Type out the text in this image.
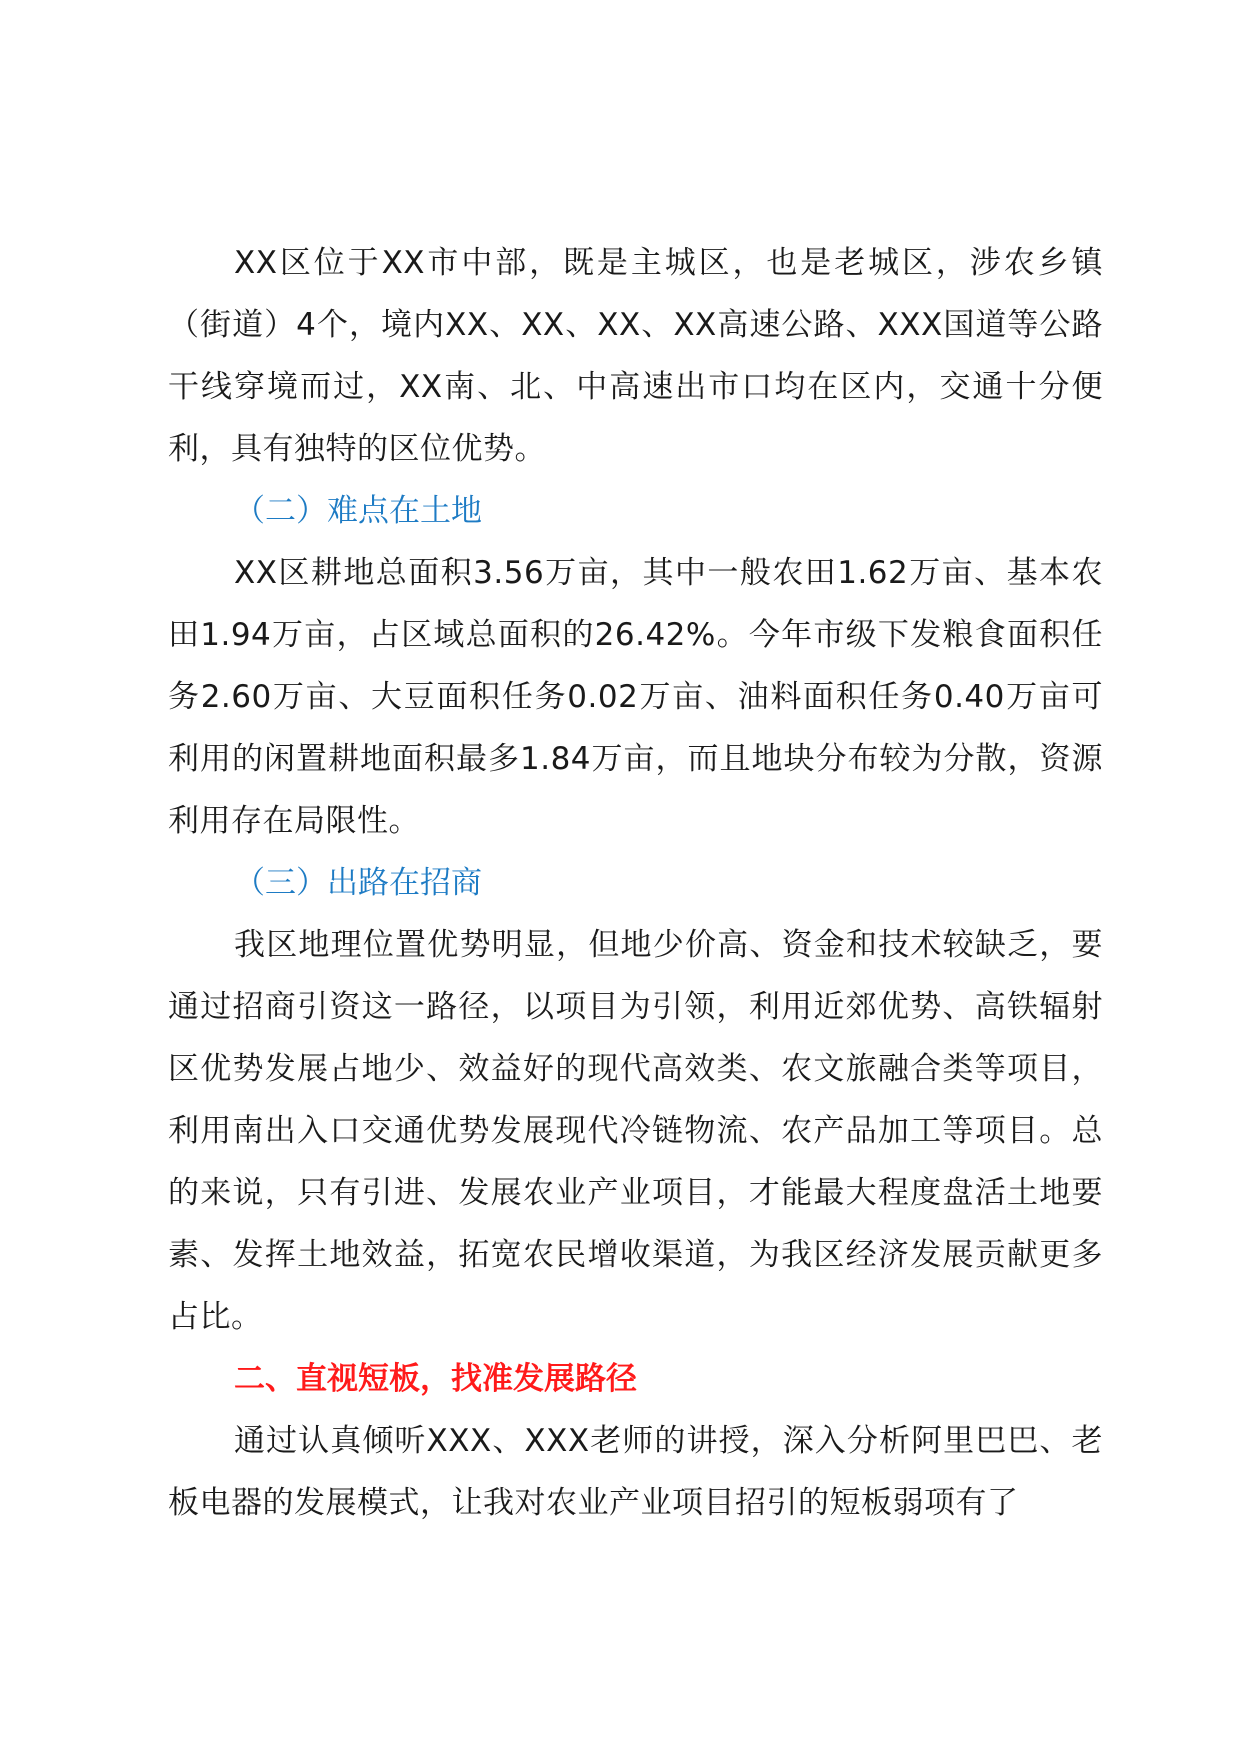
XX区位于XX市中部，既是主城区，也是老城区，涉农乡镇（街道）4个，境内XX、XX、XX、XX高速公路、XXX国道等公路干线穿境而过，XX南、北、中高速出市口均在区内，交通十分便利，具有独特的区位优势。

（二）难点在土地

XX区耕地总面积3.56万亩，其中一般农田1.62万亩、基本农田1.94万亩，占区域总面积的26.42%。今年市级下发粮食面积任务2.60万亩、大豆面积任务0.02万亩、油料面积任务0.40万亩可利用的闲置耕地面积最多1.84万亩，而且地块分布较为分散，资源利用存在局限性。

（三）出路在招商

我区地理位置优势明显，但地少价高、资金和技术较缺乏，要通过招商引资这一路径，以项目为引领，利用近郊优势、高铁辐射区优势发展占地少、效益好的现代高效类、农文旅融合类等项目，利用南出入口交通优势发展现代冷链物流、农产品加工等项目。总的来说，只有引进、发展农业产业项目，才能最大程度盘活土地要素、发挥土地效益，拓宽农民增收渠道，为我区经济发展贡献更多占比。

二、直视短板，找准发展路径

通过认真倾听XXX、XXX老师的讲授，深入分析阿里巴巴、老板电器的发展模式，让我对农业产业项目招引的短板弱项有了
